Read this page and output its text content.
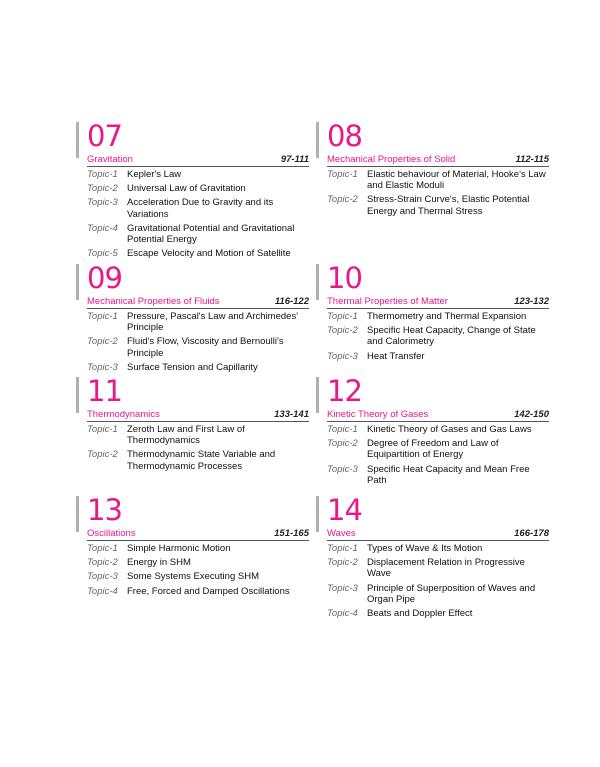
07
Gravitation	97-111
Topic-1 Kepler's Law
Topic-2 Universal Law of Gravitation
Topic-3 Acceleration Due to Gravity and its Variations
Topic-4 Gravitational Potential and Gravitational Potential Energy
Topic-5 Escape Velocity and Motion of Satellite
08
Mechanical Properties of Solid	112-115
Topic-1 Elastic behaviour of Material, Hooke's Law and Elastic Moduli
Topic-2 Stress-Strain Curve's, Elastic Potential Energy and Thermal Stress
09
Mechanical Properties of Fluids	116-122
Topic-1 Pressure, Pascal's Law and Archimedes' Principle
Topic-2 Fluid's Flow, Viscosity and Bernoulli's Principle
Topic-3 Surface Tension and Capillarity
10
Thermal Properties of Matter	123-132
Topic-1 Thermometry and Thermal Expansion
Topic-2 Specific Heat Capacity, Change of State and Calorimetry
Topic-3 Heat Transfer
11
Thermodynamics	133-141
Topic-1 Zeroth Law and First Law of Thermodynamics
Topic-2 Thermodynamic State Variable and Thermodynamic Processes
12
Kinetic Theory of Gases	142-150
Topic-1 Kinetic Theory of Gases and Gas Laws
Topic-2 Degree of Freedom and Law of Equipartition of Energy
Topic-3 Specific Heat Capacity and Mean Free Path
13
Oscillations	151-165
Topic-1 Simple Harmonic Motion
Topic-2 Energy in SHM
Topic-3 Some Systems Executing SHM
Topic-4 Free, Forced and Damped Oscillations
14
Waves	166-178
Topic-1 Types of Wave & Its Motion
Topic-2 Displacement Relation in Progressive Wave
Topic-3 Principle of Superposition of Waves and Organ Pipe
Topic-4 Beats and Doppler Effect
